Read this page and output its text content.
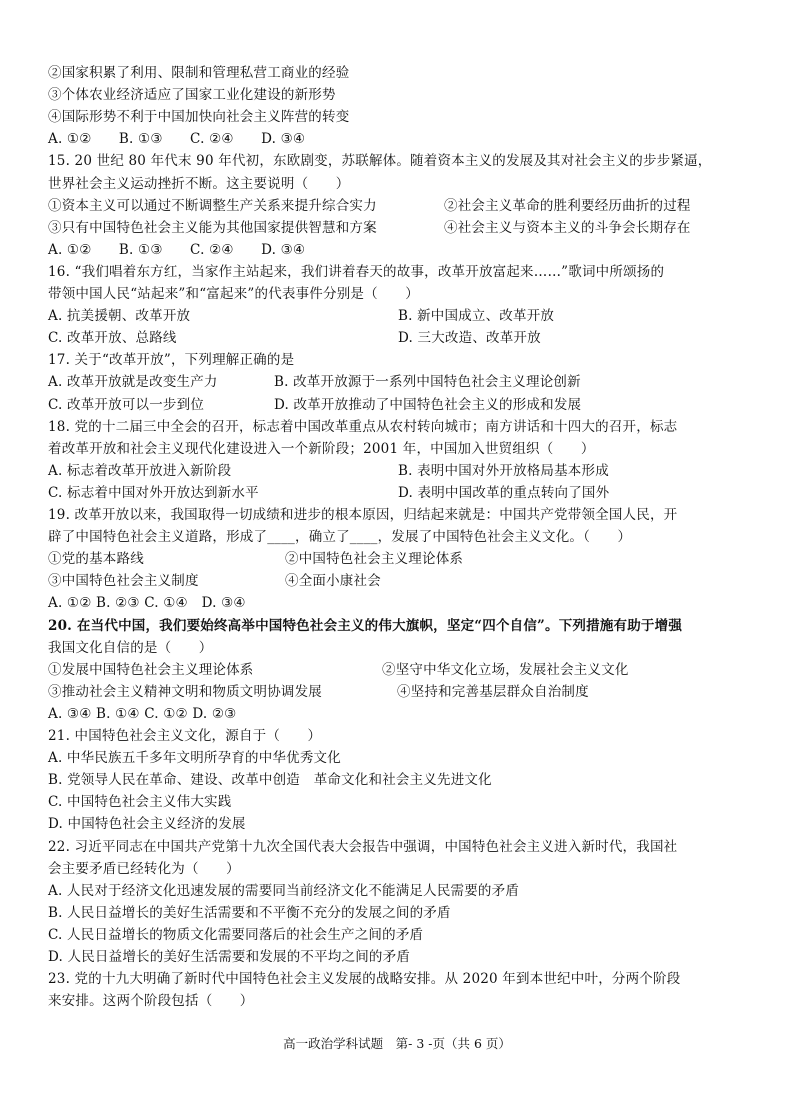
②国家积累了利用、限制和管理私营工商业的经验
③个体农业经济适应了国家工业化建设的新形势
④国际形势不利于中国加快向社会主义阵营的转变
A. ①②　　B. ①③　　C. ②④　　D. ③④
15. 20 世纪 80 年代末 90 年代初，东欧剧变，苏联解体。随着资本主义的发展及其对社会主义的步步紧逼，
世界社会主义运动挫折不断。这主要说明（　　）
①资本主义可以通过不断调整生产关系来提升综合实力	②社会主义革命的胜利要经历曲折的过程
③只有中国特色社会主义能为其他国家提供智慧和方案	④社会主义与资本主义的斗争会长期存在
A. ①②　　B. ①③　　C. ②④　　D. ③④
16. “我们唱着东方红，当家作主站起来，我们讲着春天的故事，改革开放富起来……”歌词中所颂扬的
带领中国人民“站起来”和“富起来”的代表事件分别是（　　）
A. 抗美援朝、改革开放	B. 新中国成立、改革开放
C. 改革开放、总路线	D. 三大改造、改革开放
17. 关于“改革开放”，下列理解正确的是
A. 改革开放就是改变生产力	B. 改革开放源于一系列中国特色社会主义理论创新
C. 改革开放可以一步到位	D. 改革开放推动了中国特色社会主义的形成和发展
18. 党的十二届三中全会的召开，标志着中国改革重点从农村转向城市；南方讲话和十四大的召开，标志
着改革开放和社会主义现代化建设进入一个新阶段；2001 年，中国加入世贸组织（　　）
A. 标志着改革开放进入新阶段	B. 表明中国对外开放格局基本形成
C. 标志着中国对外开放达到新水平	D. 表明中国改革的重点转向了国外
19. 改革开放以来，我国取得一切成绩和进步的根本原因，归结起来就是：中国共产党带领全国人民，开
辟了中国特色社会主义道路，形成了____，确立了____，发展了中国特色社会主义文化。（　　）
①党的基本路线	②中国特色社会主义理论体系
③中国特色社会主义制度	④全面小康社会
A. ①② B. ②③ C. ①④　D. ③④
20. 在当代中国，我们要始终高举中国特色社会主义的伟大旗帜，坚定“四个自信”。下列措施有助于增强
我国文化自信的是（　　）
①发展中国特色社会主义理论体系	②坚守中华文化立场，发展社会主义文化
③推动社会主义精神文明和物质文明协调发展	④坚持和完善基层群众自治制度
A. ③④ B. ①④ C. ①② D. ②③
21. 中国特色社会主义文化，源自于（　　）
A. 中华民族五千多年文明所孕育的中华优秀文化
B. 党领导人民在革命、建设、改革中创造　革命文化和社会主义先进文化
C. 中国特色社会主义伟大实践
D. 中国特色社会主义经济的发展
22. 习近平同志在中国共产党第十九次全国代表大会报告中强调，中国特色社会主义进入新时代，我国社
会主要矛盾已经转化为（　　）
A. 人民对于经济文化迅速发展的需要同当前经济文化不能满足人民需要的矛盾
B. 人民日益增长的美好生活需要和不平衡不充分的发展之间的矛盾
C. 人民日益增长的物质文化需要同落后的社会生产之间的矛盾
D. 人民日益增长的美好生活需要和发展的不平均之间的矛盾
23. 党的十九大明确了新时代中国特色社会主义发展的战略安排。从 2020 年到本世纪中叶，分两个阶段
来安排。这两个阶段包括（　　）
高一政治学科试题　第- 3 -页（共 6 页）
